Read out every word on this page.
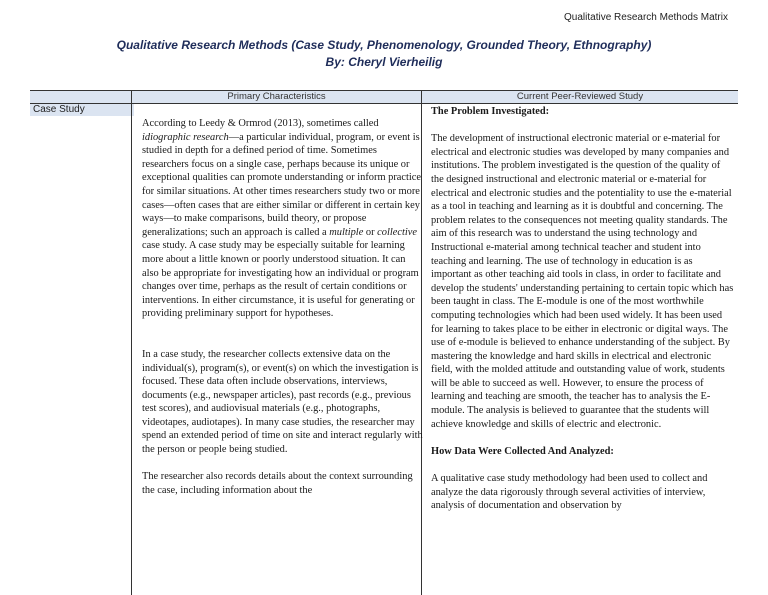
Qualitative Research Methods Matrix
Qualitative Research Methods (Case Study, Phenomenology, Grounded Theory, Ethnography)
By: Cheryl Vierheilig
Primary Characteristics	Current Peer-Reviewed Study
Case Study

According to Leedy & Ormrod (2013), sometimes called idiographic research—a particular individual, program, or event is studied in depth for a defined period of time. Sometimes researchers focus on a single case, perhaps because its unique or exceptional qualities can promote understanding or inform practice for similar situations. At other times researchers study two or more cases—often cases that are either similar or different in certain key ways—to make comparisons, build theory, or propose generalizations; such an approach is called a multiple or collective case study. A case study may be especially suitable for learning more about a little known or poorly understood situation. It can also be appropriate for investigating how an individual or program changes over time, perhaps as the result of certain conditions or interventions. In either circumstance, it is useful for generating or providing preliminary support for hypotheses.

In a case study, the researcher collects extensive data on the individual(s), program(s), or event(s) on which the investigation is focused. These data often include observations, interviews, documents (e.g., newspaper articles), past records (e.g., previous test scores), and audiovisual materials (e.g., photographs, videotapes, audiotapes). In many case studies, the researcher may spend an extended period of time on site and interact regularly with the person or people being studied.

The researcher also records details about the context surrounding the case, including information about the

The Problem Investigated:

The development of instructional electronic material or e-material for electrical and electronic studies was developed by many companies and institutions. The problem investigated is the question of the quality of the designed instructional and electronic material or e-material for electrical and electronic studies and the potentiality to use the e-material as a tool in teaching and learning as it is doubtful and concerning. The problem relates to the consequences not meeting quality standards. The aim of this research was to understand the using technology and Instructional e-material among technical teacher and student into teaching and learning. The use of technology in education is as important as other teaching aid tools in class, in order to facilitate and develop the students' understanding pertaining to certain topic which has been taught in class. The E-module is one of the most worthwhile computing technologies which had been used widely. It has been used for learning to takes place to be either in electronic or digital ways. The use of e-module is believed to enhance understanding of the subject. By mastering the knowledge and hard skills in electrical and electronic field, with the molded attitude and outstanding value of work, students will be able to succeed as well. However, to ensure the process of learning and teaching are smooth, the teacher has to analysis the E-module. The analysis is believed to guarantee that the students will achieve knowledge and skills of electric and electronic.

How Data Were Collected And Analyzed:

A qualitative case study methodology had been used to collect and analyze the data rigorously through several activities of interview, analysis of documentation and observation by
